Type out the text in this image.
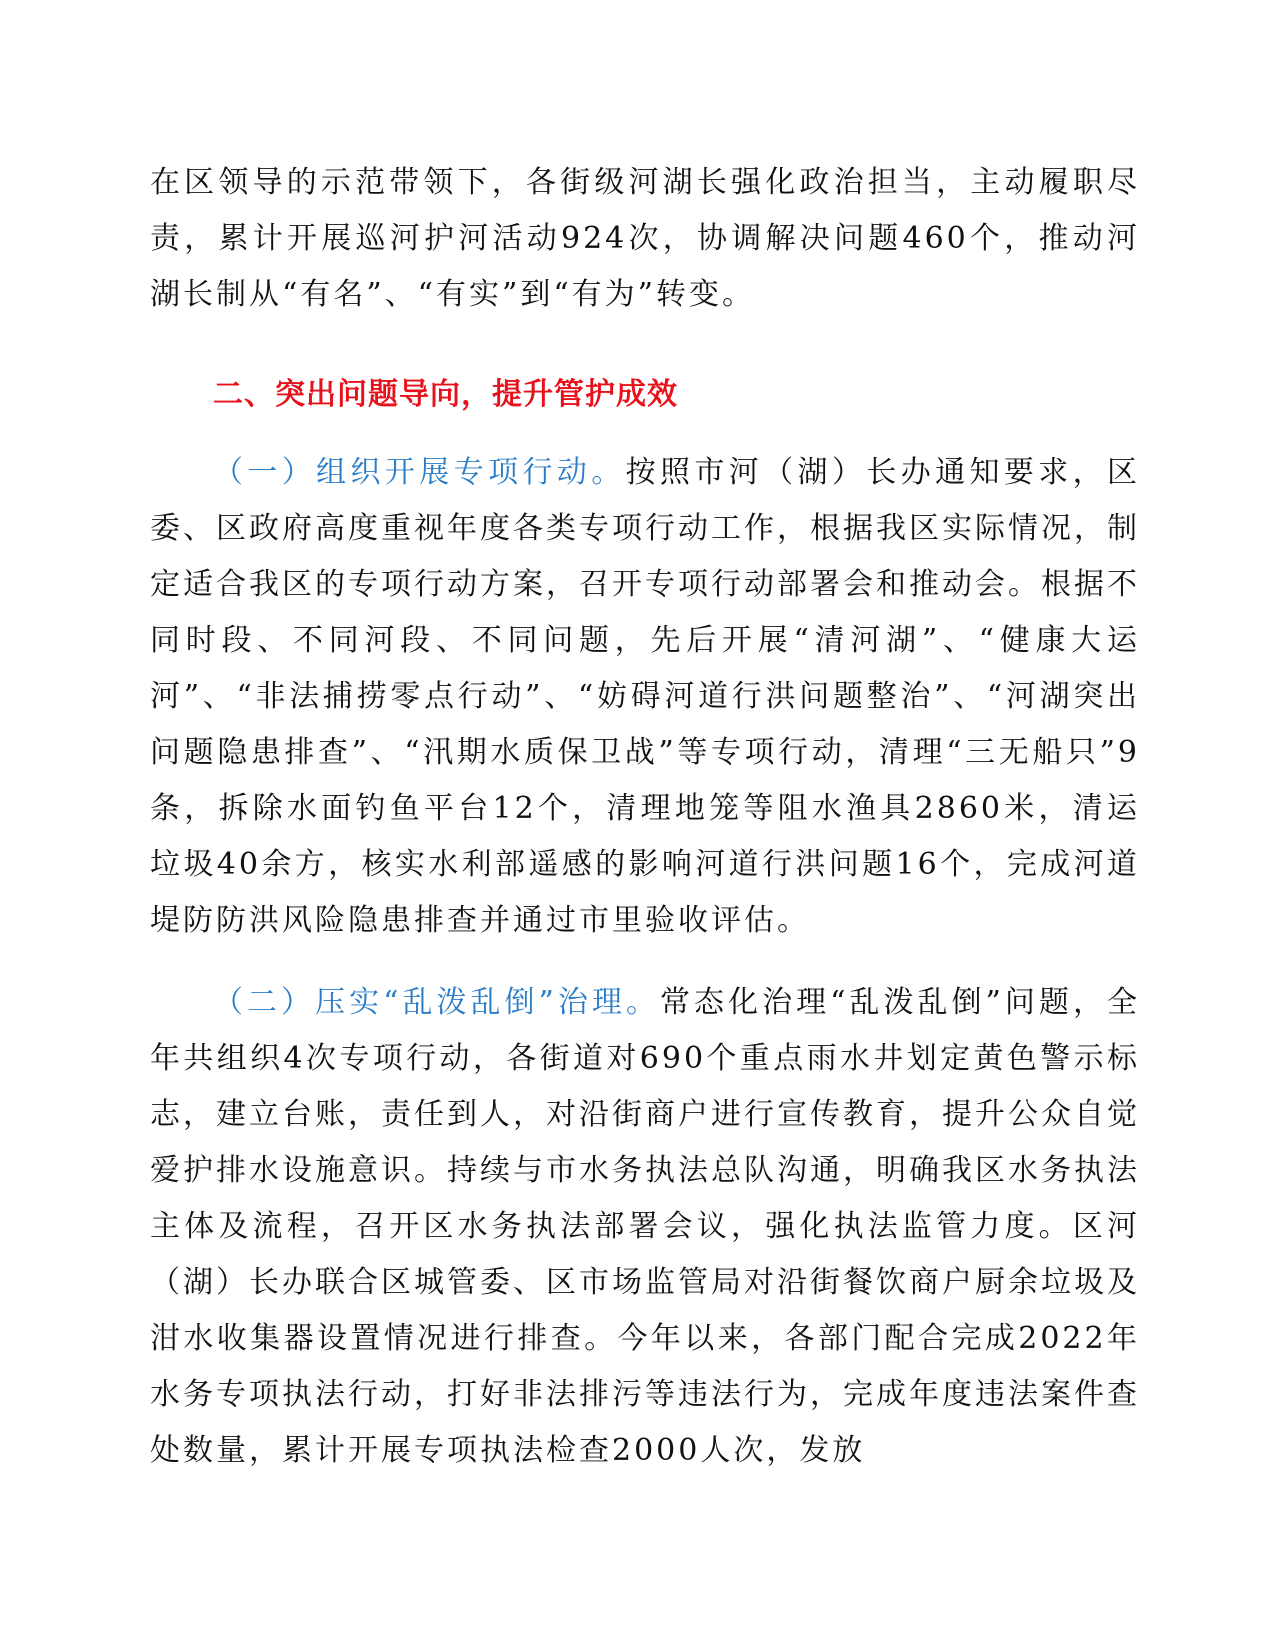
在区领导的示范带领下，各街级河湖长强化政治担当，主动履职尽责，累计开展巡河护河活动924次，协调解决问题460个，推动河湖长制从“有名”、“有实”到“有为”转变。

二、突出问题导向，提升管护成效

（一）组织开展专项行动。按照市河（湖）长办通知要求，区委、区政府高度重视年度各类专项行动工作，根据我区实际情况，制定适合我区的专项行动方案，召开专项行动部署会和推动会。根据不同时段、不同河段、不同问题，先后开展“清河湖”、“健康大运河”、“非法捕捞零点行动”、“妨碍河道行洪问题整治”、“河湖突出问题隐患排查”、“汛期水质保卫战”等专项行动，清理“三无船只”9条，拆除水面钓鱼平台12个，清理地笼等阻水渔具2860米，清运垃圾40余方，核实水利部遥感的影响河道行洪问题16个，完成河道堤防防洪风险隐患排查并通过市里验收评估。

（二）压实“乱泼乱倒”治理。常态化治理“乱泼乱倒”问题，全年共组织4次专项行动，各街道对690个重点雨水井划定黄色警示标志，建立台账，责任到人，对沿街商户进行宣传教育，提升公众自觉爱护排水设施意识。持续与市水务执法总队沟通，明确我区水务执法主体及流程，召开区水务执法部署会议，强化执法监管力度。区河（湖）长办联合区城管委、区市场监管局对沿街餐饮商户厨余垃圾及泔水收集器设置情况进行排查。今年以来，各部门配合完成2022年水务专项执法行动，打好非法排污等违法行为，完成年度违法案件查处数量，累计开展专项执法检查2000人次，发放
